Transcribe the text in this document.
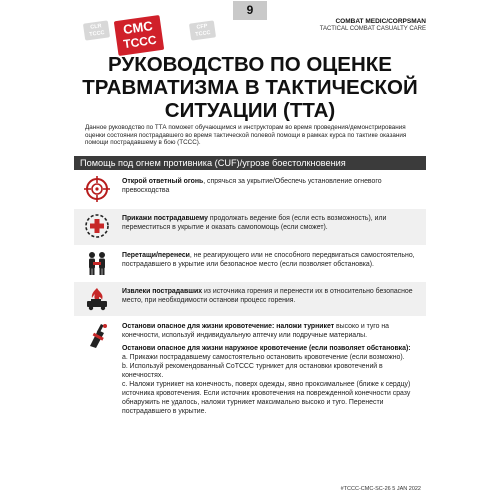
9
CLR
TCCC	CMC
TCCC
CFP
TCCC
COMBAT MEDIC/CORPSMAN
TACTICAL COMBAT CASUALTY CARE
РУКОВОДСТВО ПО ОЦЕНКЕ ТРАВМАТИЗМА В ТАКТИЧЕСКОЙ СИТУАЦИИ (ТТА)
Данное руководство по ТТА поможет обучающимся и инструкторам во время проведения/демонстрирования оценки состояния пострадавшего во время тактической полевой помощи в рамках курса по тактике оказания помощи пострадавшему в бою (TCCC).
Помощь под огнем противника (CUF)/угрозе боестолкновения
Открой ответный огонь, спрячься за укрытие/Обеспечь установление огневого превосходства
Прикажи пострадавшему продолжать ведение боя (если есть возможность), или переместиться в укрытие и оказать самопомощь (если сможет).
Перетащи/перенеси, не реагирующего или не способного передвигаться самостоятельно, пострадавшего в укрытие или безопасное место (если позволяет обстановка).
Извлеки пострадавших из источника горения и перенести их в относительно безопасное место, при необходимости останови процесс горения.

Останови опасное для жизни кровотечение: наложи турникет высоко и туго на конечности, используй индивидуальную аптечку или подручные материалы.

Останови опасное для жизни наружное кровотечение (если позволяет обстановка):

a. Прикажи пострадавшему самостоятельно остановить кровотечение (если возможно).

b. Используй рекомендованный CoTCCC турникет для остановки кровотечений в конечностях.

c. Наложи турникет на конечность, поверх одежды, явно проксимальнее (ближе к сердцу) источника кровотечения. Если источник кровотечения на поврежденной конечности сразу обнаружить не удалось, наложи турникет максимально высоко и туго. Перенести пострадавшего в укрытие.

#TCCC-CMC-SC-26 5 JAN 2022
